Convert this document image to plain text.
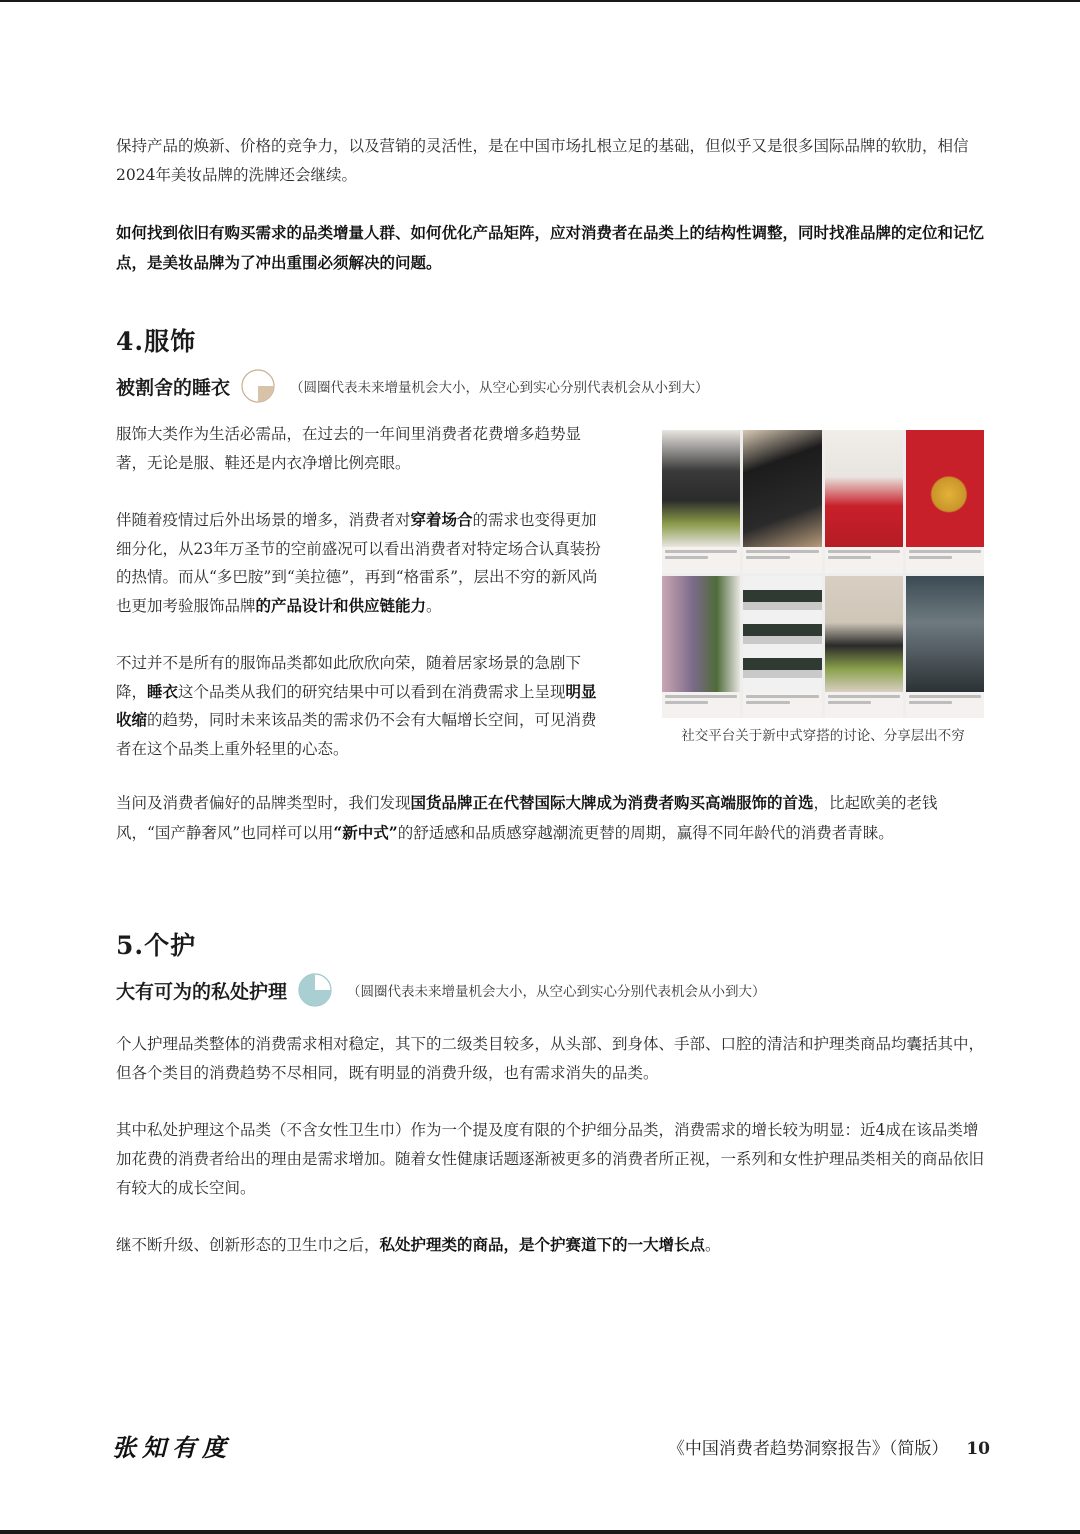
保持产品的焕新、价格的竞争力，以及营销的灵活性，是在中国市场扎根立足的基础，但似乎又是很多国际品牌的软肋，相信2024年美妆品牌的洗牌还会继续。

如何找到依旧有购买需求的品类增量人群、如何优化产品矩阵，应对消费者在品类上的结构性调整，同时找准品牌的定位和记忆点，是美妆品牌为了冲出重围必须解决的问题。

4.服饰
被割舍的睡衣	（圆圈代表未来增量机会大小，从空心到实心分别代表机会从小到大）

服饰大类作为生活必需品，在过去的一年间里消费者花费增多趋势显著，无论是服、鞋还是内衣净增比例亮眼。

伴随着疫情过后外出场景的增多，消费者对穿着场合的需求也变得更加细分化，从23年万圣节的空前盛况可以看出消费者对特定场合认真装扮的热情。而从“多巴胺”到“美拉德”，再到“格雷系”，层出不穷的新风尚也更加考验服饰品牌的产品设计和供应链能力。

不过并不是所有的服饰品类都如此欣欣向荣，随着居家场景的急剧下降，睡衣这个品类从我们的研究结果中可以看到在消费需求上呈现明显收缩的趋势，同时未来该品类的需求仍不会有大幅增长空间，可见消费者在这个品类上重外轻里的心态。

社交平台关于新中式穿搭的讨论、分享层出不穷

当问及消费者偏好的品牌类型时，我们发现国货品牌正在代替国际大牌成为消费者购买高端服饰的首选，比起欧美的老钱风，“国产静奢风”也同样可以用“新中式”的舒适感和品质感穿越潮流更替的周期，赢得不同年龄代的消费者青睐。

5.个护
大有可为的私处护理	（圆圈代表未来增量机会大小，从空心到实心分别代表机会从小到大）

个人护理品类整体的消费需求相对稳定，其下的二级类目较多，从头部、到身体、手部、口腔的清洁和护理类商品均囊括其中，但各个类目的消费趋势不尽相同，既有明显的消费升级，也有需求消失的品类。

其中私处护理这个品类（不含女性卫生巾）作为一个提及度有限的个护细分品类，消费需求的增长较为明显：近4成在该品类增加花费的消费者给出的理由是需求增加。随着女性健康话题逐渐被更多的消费者所正视，一系列和女性护理品类相关的商品依旧有较大的成长空间。

继不断升级、创新形态的卫生巾之后，私处护理类的商品，是个护赛道下的一大增长点。

张知有度	《中国消费者趋势洞察报告》（简版） 10
